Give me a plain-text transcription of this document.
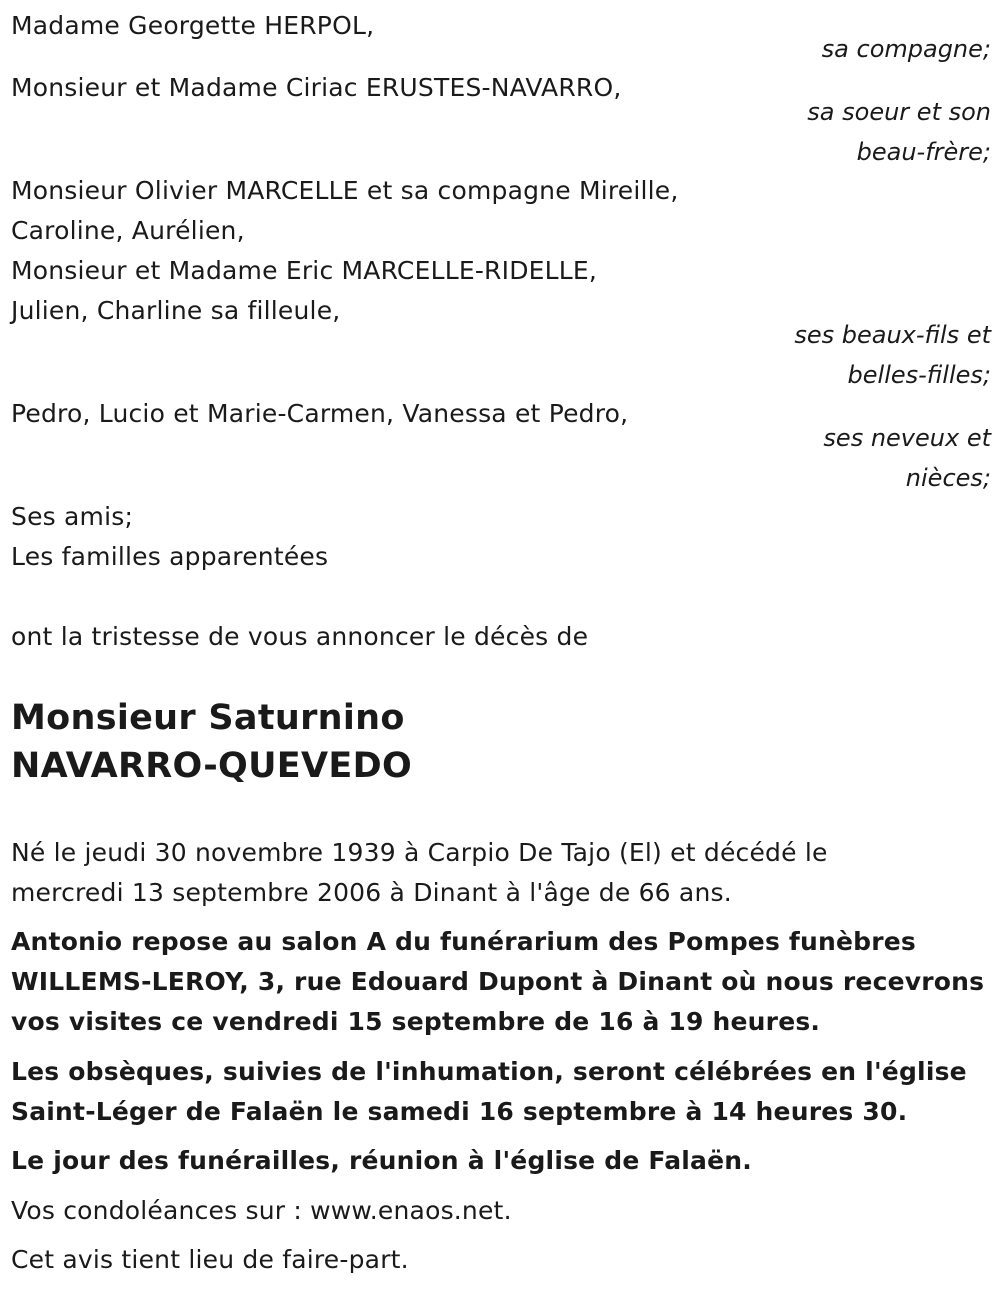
Madame Georgette HERPOL,
sa compagne;
Monsieur et Madame Ciriac ERUSTES-NAVARRO,
sa soeur et son
beau-frère;
Monsieur Olivier MARCELLE et sa compagne Mireille,
Caroline, Aurélien,
Monsieur et Madame Eric MARCELLE-RIDELLE,
Julien, Charline sa filleule,
ses beaux-fils et
belles-filles;
Pedro, Lucio et Marie-Carmen, Vanessa et Pedro,
ses neveux et
nièces;
Ses amis;
Les familles apparentées
ont la tristesse de vous annoncer le décès de
Monsieur Saturnino
NAVARRO-QUEVEDO
Né le jeudi 30 novembre 1939 à Carpio De Tajo (El) et décédé le
mercredi 13 septembre 2006 à Dinant à l'âge de 66 ans.
Antonio repose au salon A du funérarium des Pompes funèbres
WILLEMS-LEROY, 3, rue Edouard Dupont à Dinant où nous recevrons
vos visites ce vendredi 15 septembre de 16 à 19 heures.
Les obsèques, suivies de l'inhumation, seront célébrées en l'église
Saint-Léger de Falaën le samedi 16 septembre à 14 heures 30.
Le jour des funérailles, réunion à l'église de Falaën.
Vos condoléances sur : www.enaos.net.
Cet avis tient lieu de faire-part.
